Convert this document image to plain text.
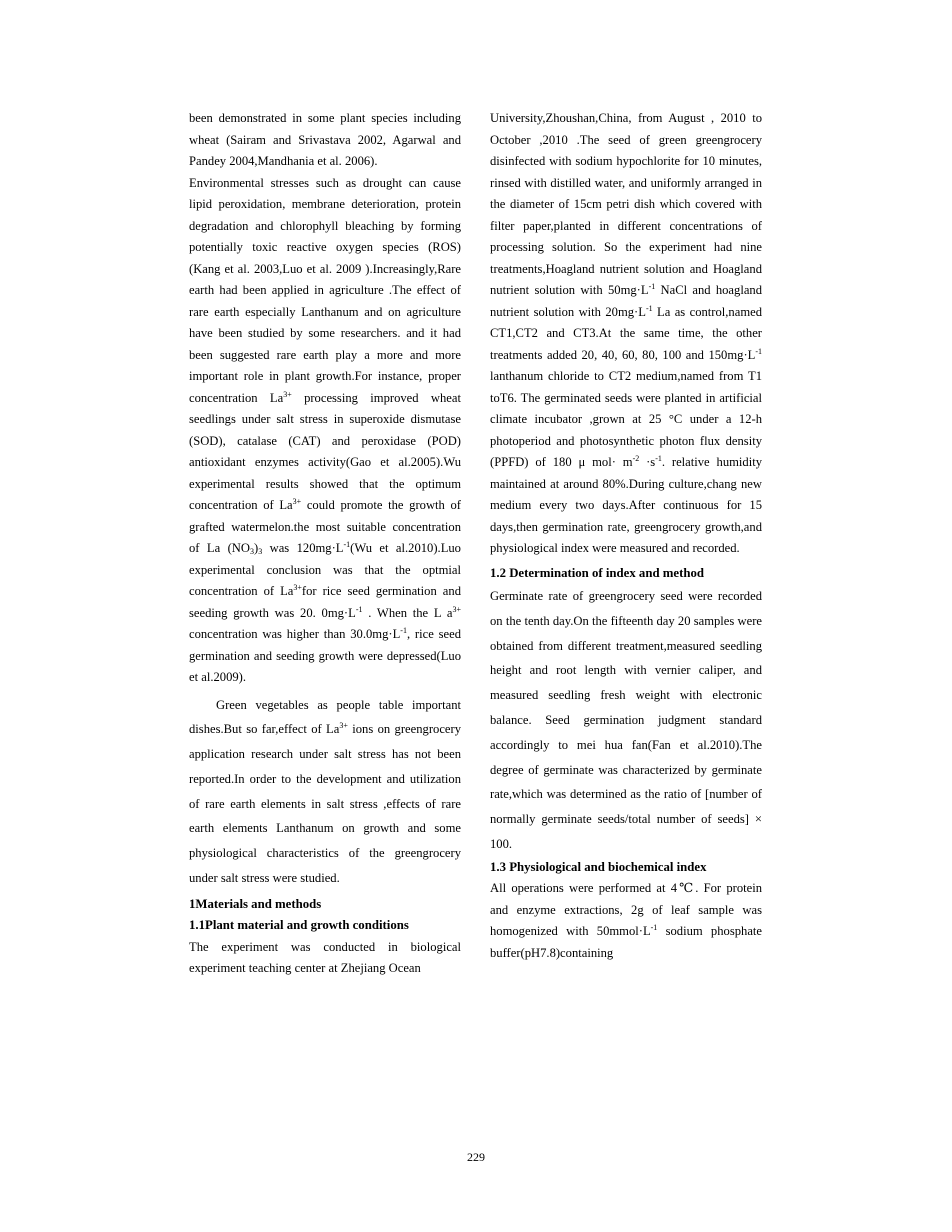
been demonstrated in some plant species including wheat (Sairam and Srivastava 2002, Agarwal and Pandey 2004,Mandhania et al. 2006).

Environmental stresses such as drought can cause lipid peroxidation, membrane deterioration, protein degradation and chlorophyll bleaching by forming potentially toxic reactive oxygen species (ROS) (Kang et al. 2003,Luo et al. 2009 ).Increasingly,Rare earth had been applied in agriculture .The effect of rare earth especially Lanthanum and on agriculture have been studied by some researchers. and it had been suggested rare earth play a more and more important role in plant growth.For instance, proper concentration $La^{3+}$ processing improved wheat seedlings under salt stress in superoxide dismutase (SOD), catalase (CAT) and peroxidase (POD) antioxidant enzymes activity(Gao et al.2005).Wu experimental results showed that the optimum concentration of $La^{3+}$ could promote the growth of grafted watermelon.the most suitable concentration of La $(NO_3)_3$ was $120mg\cdot L^{-1}(Wu$ et al.2010).Luo experimental conclusion was that the optmial concentration of $La^{3+}for$ rice seed germination and seeding growth was 20. $0mg\cdot L^{-1}$ . When the L $a^{3+}$ concentration was higher than $30.0mg\cdot L^{-1}$, rice seed germination and seeding growth were depressed(Luo et al.2009).

Green vegetables as people table important dishes.But so far,effect of $La^{3+}$ ions on greengrocery application research under salt stress has not been reported.In order to the development and utilization of rare earth elements in salt stress ,effects of rare earth elements Lanthanum on growth and some physiological characteristics of the greengrocery under salt stress were studied.

1Materials and methods

1.1Plant material and growth conditions

The experiment was conducted in biological experiment teaching center at Zhejiang Ocean

University,Zhoushan,China, from August , 2010 to October ,2010 .The seed of green greengrocery disinfected with sodium hypochlorite for 10 minutes, rinsed with distilled water, and uniformly arranged in the diameter of 15cm petri dish which covered with filter paper,planted in different concentrations of processing solution. So the experiment had nine treatments,Hoagland nutrient solution and Hoagland nutrient solution with $50mg\cdot L^{-1}$ NaCl and hoagland nutrient solution with $20mg\cdot L^{-1}$ La as control,named CT1,CT2 and CT3.At the same time, the other treatments added 20, 40, 60, 80, 100 and $150mg\cdot L^{-1}$ lanthanum chloride to CT2 medium,named from T1 toT6. The germinated seeds were planted in artificial climate incubator ,grown at 25 °C under a 12-h photoperiod and photosynthetic photon flux density (PPFD) of 180 μ $mol\cdot m^{-2} \cdot s^{-1}$. relative humidity maintained at around 80%.During culture,chang new medium every two days.After continuous for 15 days,then germination rate, greengrocery growth,and physiological index were measured and recorded.

1.2 Determination of index and method

Germinate rate of greengrocery seed were recorded on the tenth day.On the fifteenth day 20 samples were obtained from different treatment,measured seedling height and root length with vernier caliper, and measured seedling fresh weight with electronic balance. Seed germination judgment standard accordingly to mei hua fan(Fan et al.2010).The degree of germinate was characterized by germinate rate,which was determined as the ratio of [number of normally germinate seeds/total number of seeds] × 100.

1.3 Physiological and biochemical index

All operations were performed at 4℃. For protein and enzyme extractions, 2g of leaf sample was homogenized with $50mmol\cdot L^{-1}$ sodium phosphate buffer(pH7.8)containing

229
